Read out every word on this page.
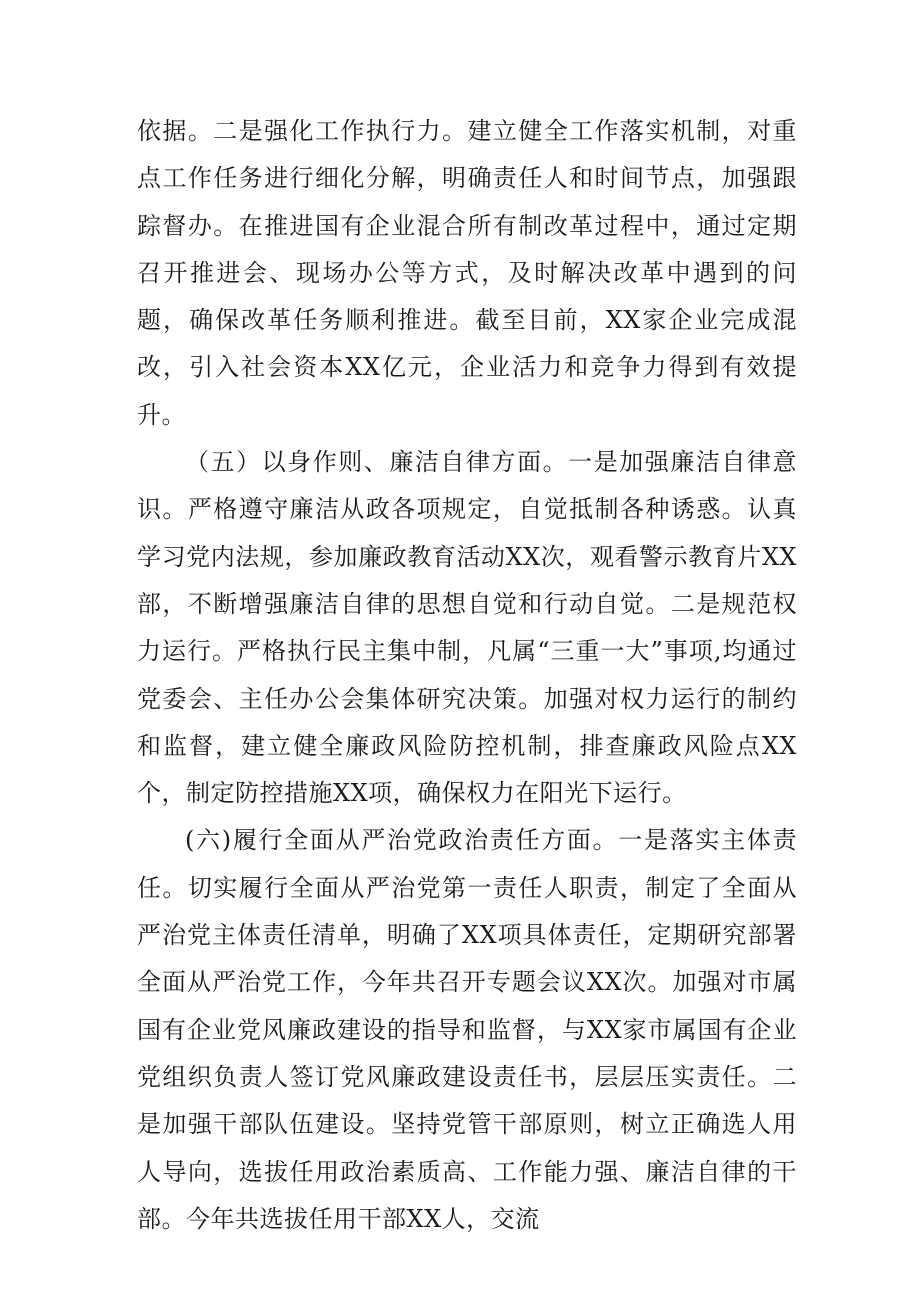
依据。二是强化工作执行力。建立健全工作落实机制，对重点工作任务进行细化分解，明确责任人和时间节点，加强跟踪督办。在推进国有企业混合所有制改革过程中，通过定期召开推进会、现场办公等方式，及时解决改革中遇到的问题，确保改革任务顺利推进。截至目前，XX家企业完成混改，引入社会资本XX亿元，企业活力和竞争力得到有效提升。

（五）以身作则、廉洁自律方面。一是加强廉洁自律意识。严格遵守廉洁从政各项规定，自觉抵制各种诱惑。认真学习党内法规，参加廉政教育活动XX次，观看警示教育片XX部，不断增强廉洁自律的思想自觉和行动自觉。二是规范权力运行。严格执行民主集中制，凡属“三重一大”事项,均通过党委会、主任办公会集体研究决策。加强对权力运行的制约和监督，建立健全廉政风险防控机制，排查廉政风险点XX个，制定防控措施XX项，确保权力在阳光下运行。

(六)履行全面从严治党政治责任方面。一是落实主体责任。切实履行全面从严治党第一责任人职责，制定了全面从严治党主体责任清单，明确了XX项具体责任，定期研究部署全面从严治党工作，今年共召开专题会议XX次。加强对市属国有企业党风廉政建设的指导和监督，与XX家市属国有企业党组织负责人签订党风廉政建设责任书，层层压实责任。二是加强干部队伍建设。坚持党管干部原则，树立正确选人用人导向，选拔任用政治素质高、工作能力强、廉洁自律的干部。今年共选拔任用干部XX人，交流
